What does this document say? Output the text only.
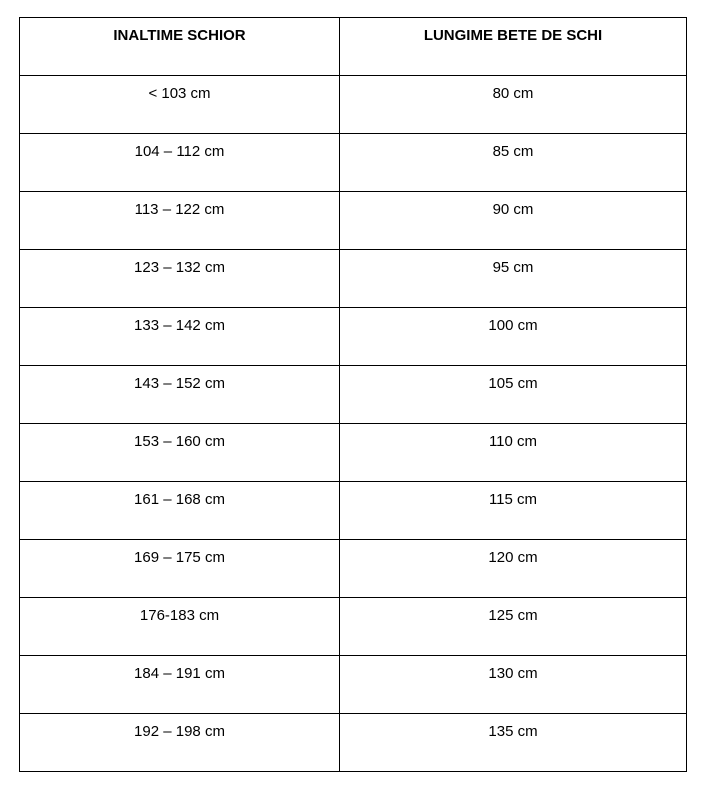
INALTIME SCHIOR	LUNGIME BETE DE SCHI

< 103 cm	80 cm

104 – 112 cm	85 cm

113 – 122 cm	90 cm

123 – 132 cm	95 cm

133 – 142 cm	100 cm

143 – 152 cm	105 cm

153 – 160 cm	110 cm

161 – 168 cm	115 cm

169 – 175 cm	120 cm

176-183 cm	125 cm

184 – 191 cm	130 cm

192 – 198 cm	135 cm
